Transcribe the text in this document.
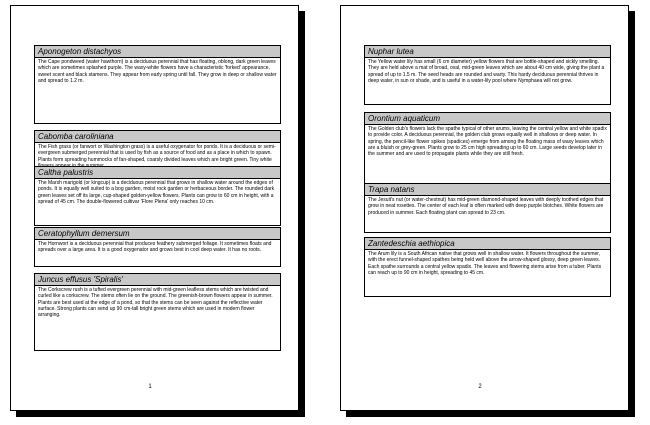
Aponogeton distachyos
The Cape pondweed (water hawthorn) is a deciduous perennial that has floating, oblong, dark green leaves which are sometimes splashed purple. The waxy-white flowers have a characteristic 'forked' appearance, sweet scent and black stamens. They appear from early spring until fall. They grow in deep or shallow water and spread to 1.2 m.
Cabomba caroliniana
The Fish grass (or fanwort or Washington grass) is a useful oxygenator for ponds. It is a deciduous or semi-evergreen submerged perennial that is used by fish as a source of food and as a place in which to spawn. Plants form spreading hummocks of fan-shaped, coarsly divided leaves which are bright green. Tiny white
Caltha palustris
The Marsh marigold (or kingcup) is a deciduous perennial that grows in shallow water around the edges of ponds. It is equally well suited to a bog garden, moist rock garden or herbaceous border. The rounded dark green leaves set off its large, cup-shaped golden-yellow flowers. Plants can grow to 60 cm in height, with a spread of 45 cm. The double-flowered cultivar 'Flore Plena' only reaches 10 cm.
Ceratophyllum demersum
The Hornwort is a deciduous perennial that produces feathery submerged foliage. It sometimes floats and spreads over a large area. It is a good oxygenator and grows best in cool deep water. It has no roots.
Juncus effusus 'Spiralis'
The Corkscrew rush is a tufted evergreen perennial with mid-green leafless stems which are twisted and curled like a corkscrew. The stems often lie on the ground. The greenish-brown flowers appear in summer. Plants are best used at the edge of a pond, so that the stems can be seen against the reflective water surface. Strong plants can send up 90 cm-tall bright green stems which are used in modern flower arranging.
1
Nuphar lutea
The Yellow water lily has small (6 cm diameter) yellow flowers that are bottle-shaped and sickly smelling. They are held above a mat of broad, oval, mid-green leaves which are about 40 cm wide, giving the plant a spread of up to 1.5 m. The seed heads are rounded and warty. This hardy deciduous perennial thrives in deep water, in sun or shade, and is useful in a water-lily pool where Nymphaea will not grow.
Orontium aquaticum
The Golden club's flowers lack the spathe typical of other arums, leaving the central yellow and white spadix to provide color. A deciduous perennial, the golden club grows equally well in shallows or deep water. In spring, the pencil-like flower spikes (spadices) emerge from among the floating mass of waxy leaves which are a bluish or grey-green. Plants grow to 25 cm high spreading up to 60 cm. Large seeds develop later in the summer and are used to propagate plants while they are still fresh.
Trapa natans
The Jesuit's nut (or water-chestnut) has mid-green diamond-shaped leaves with deeply toothed edges that grow in neat rosettes. The center of each leaf is often marked with deep purple blotches. White flowers are produced in summer. Each floating plant can spread to 23 cm.
Zantedeschia aethiopica
The Arum lily is a South African native that grows well in shallow water. It flowers throughout the summer, with the erect funnel-shaped spathes being held well above the arrow-shaped glossy, deep green leaves. Each spathe surrounds a central yellow spadix. The leaves and flowering stems arise from a tuber. Plants can reach up to 90 cm in height, spreading to 45 cm.
2
